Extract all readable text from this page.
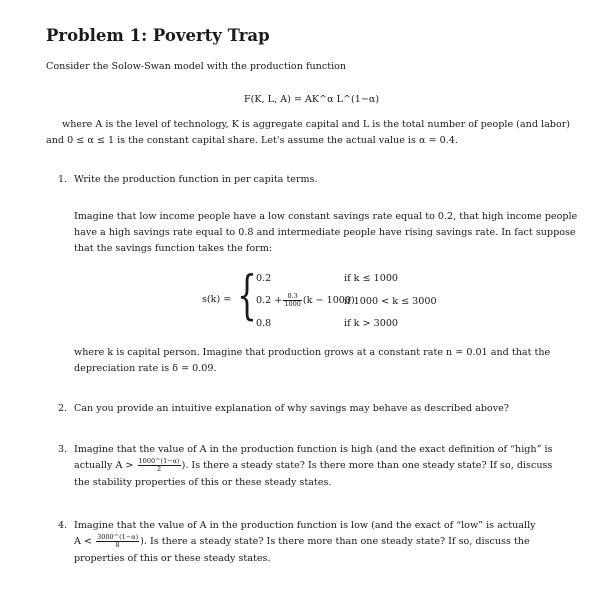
Problem 1: Poverty Trap
Consider the Solow-Swan model with the production function
F(K, L, A) = AK^α L^(1−α)
where A is the level of technology, K is aggregate capital and L is the total number of people (and labor)
and 0 ≤ α ≤ 1 is the constant capital share. Let's assume the actual value is α = 0.4.
1. Write the production function in per capita terms.
Imagine that low income people have a low constant savings rate equal to 0.2, that high income people
have a high savings rate equal to 0.8 and intermediate people have rising savings rate. In fact suppose
that the savings function takes the form:
s(k) = { 0.2	if k ≤ 1000
$0.2 + \frac{0.3}{1000} (k - 1000)$
if 1000 < k ≤ 3000
0.8	if k > 3000
where k is capital person. Imagine that production grows at a constant rate n = 0.01 and that the
depreciation rate is δ = 0.09.
2. Can you provide an intuitive explanation of why savings may behave as described above?
3. Imagine that the value of A in the production function is high (and the exact definition of “high” is
actually $A > \frac{1000\^{}(1-\alpha)}{2}$ ). Is there a steady state? Is there more than one steady state? If so, discuss
the stability properties of this or these steady states.
4. Imagine that the value of A in the production function is low (and the exact of “low” is actually
$A < \frac{3000\^{}(1-\alpha)}{8}$ ). Is there a steady state? Is there more than one steady state? If so, discuss the
properties of this or these steady states.
